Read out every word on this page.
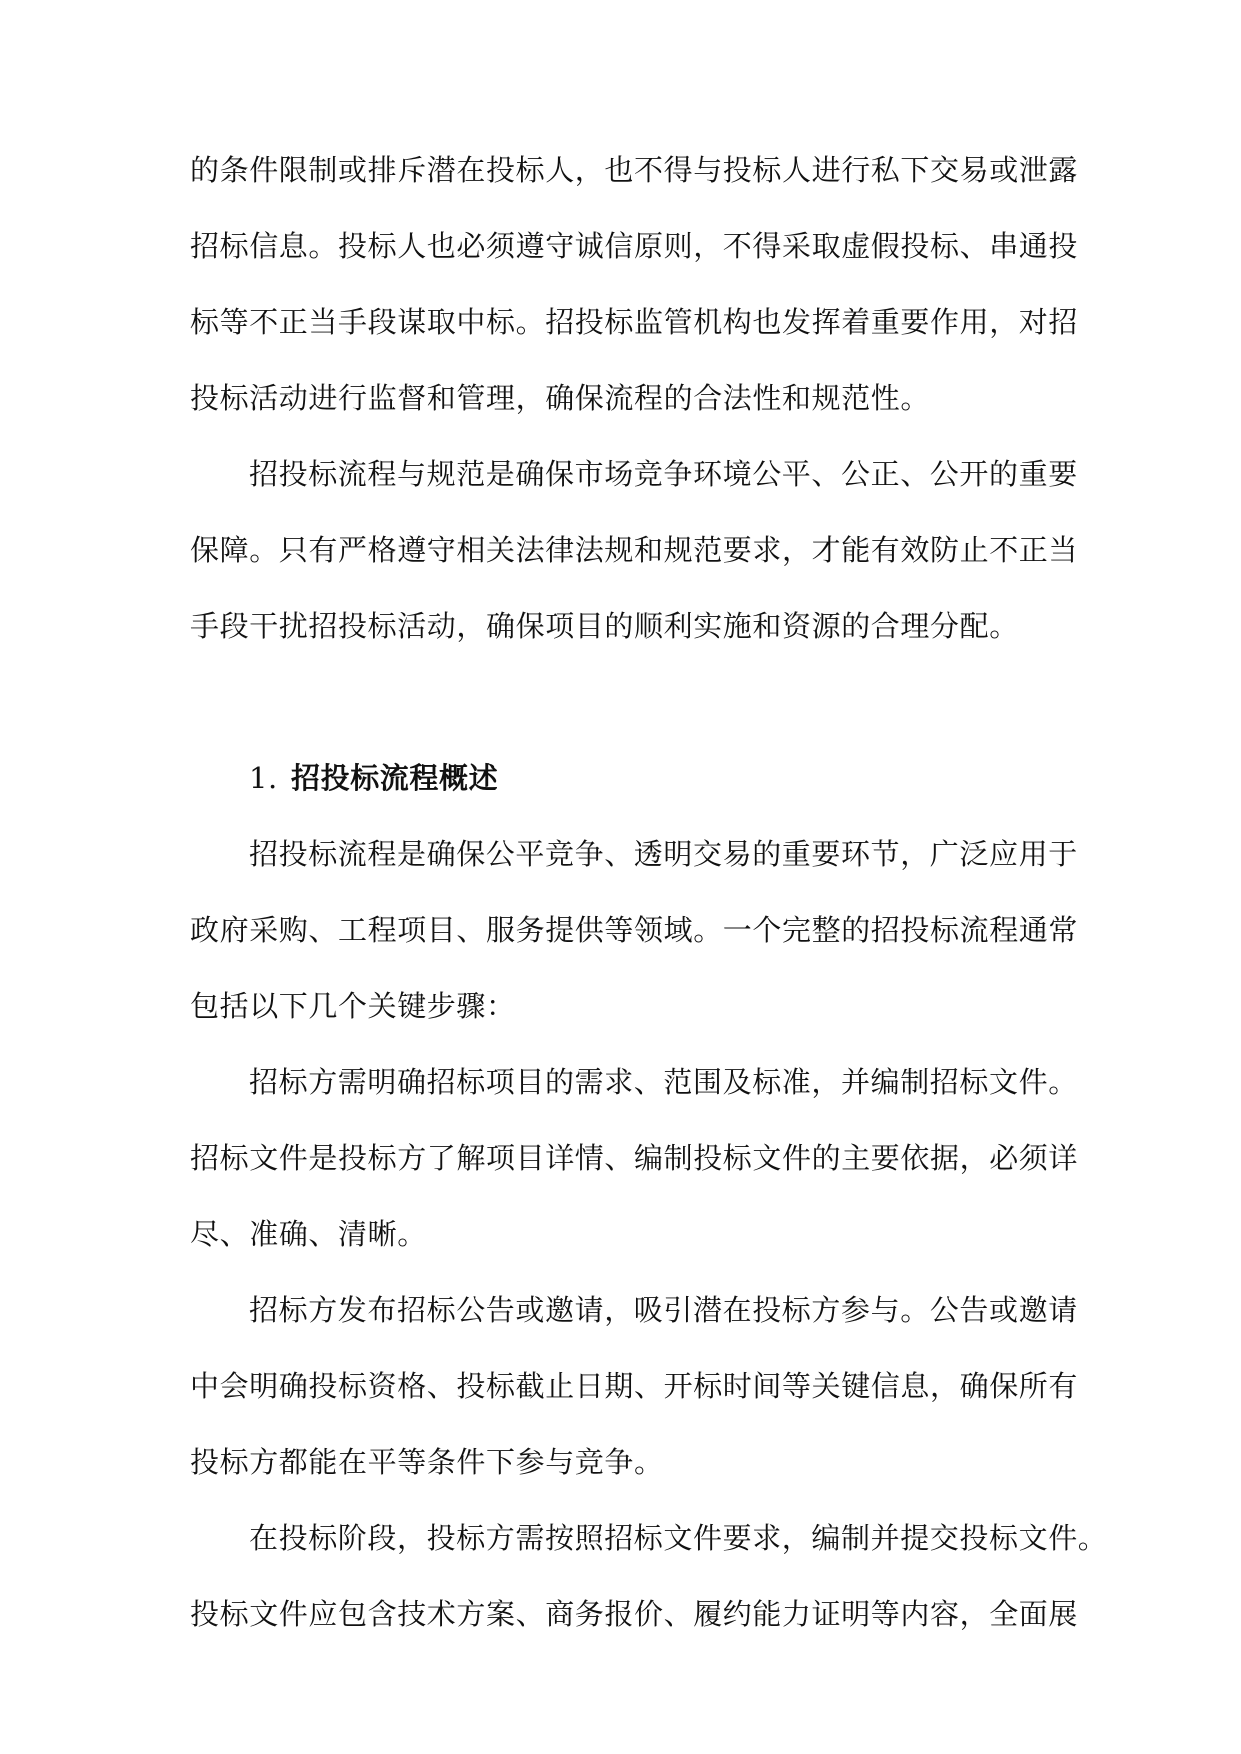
的条件限制或排斥潜在投标人，也不得与投标人进行私下交易或泄露
招标信息。投标人也必须遵守诚信原则，不得采取虚假投标、串通投
标等不正当手段谋取中标。招投标监管机构也发挥着重要作用，对招
投标活动进行监督和管理，确保流程的合法性和规范性。
招投标流程与规范是确保市场竞争环境公平、公正、公开的重要
保障。只有严格遵守相关法律法规和规范要求，才能有效防止不正当
手段干扰招投标活动，确保项目的顺利实施和资源的合理分配。
1. 招投标流程概述
招投标流程是确保公平竞争、透明交易的重要环节，广泛应用于
政府采购、工程项目、服务提供等领域。一个完整的招投标流程通常
包括以下几个关键步骤：
招标方需明确招标项目的需求、范围及标准，并编制招标文件。
招标文件是投标方了解项目详情、编制投标文件的主要依据，必须详
尽、准确、清晰。
招标方发布招标公告或邀请，吸引潜在投标方参与。公告或邀请
中会明确投标资格、投标截止日期、开标时间等关键信息，确保所有
投标方都能在平等条件下参与竞争。
在投标阶段，投标方需按照招标文件要求，编制并提交投标文件。
投标文件应包含技术方案、商务报价、履约能力证明等内容，全面展
